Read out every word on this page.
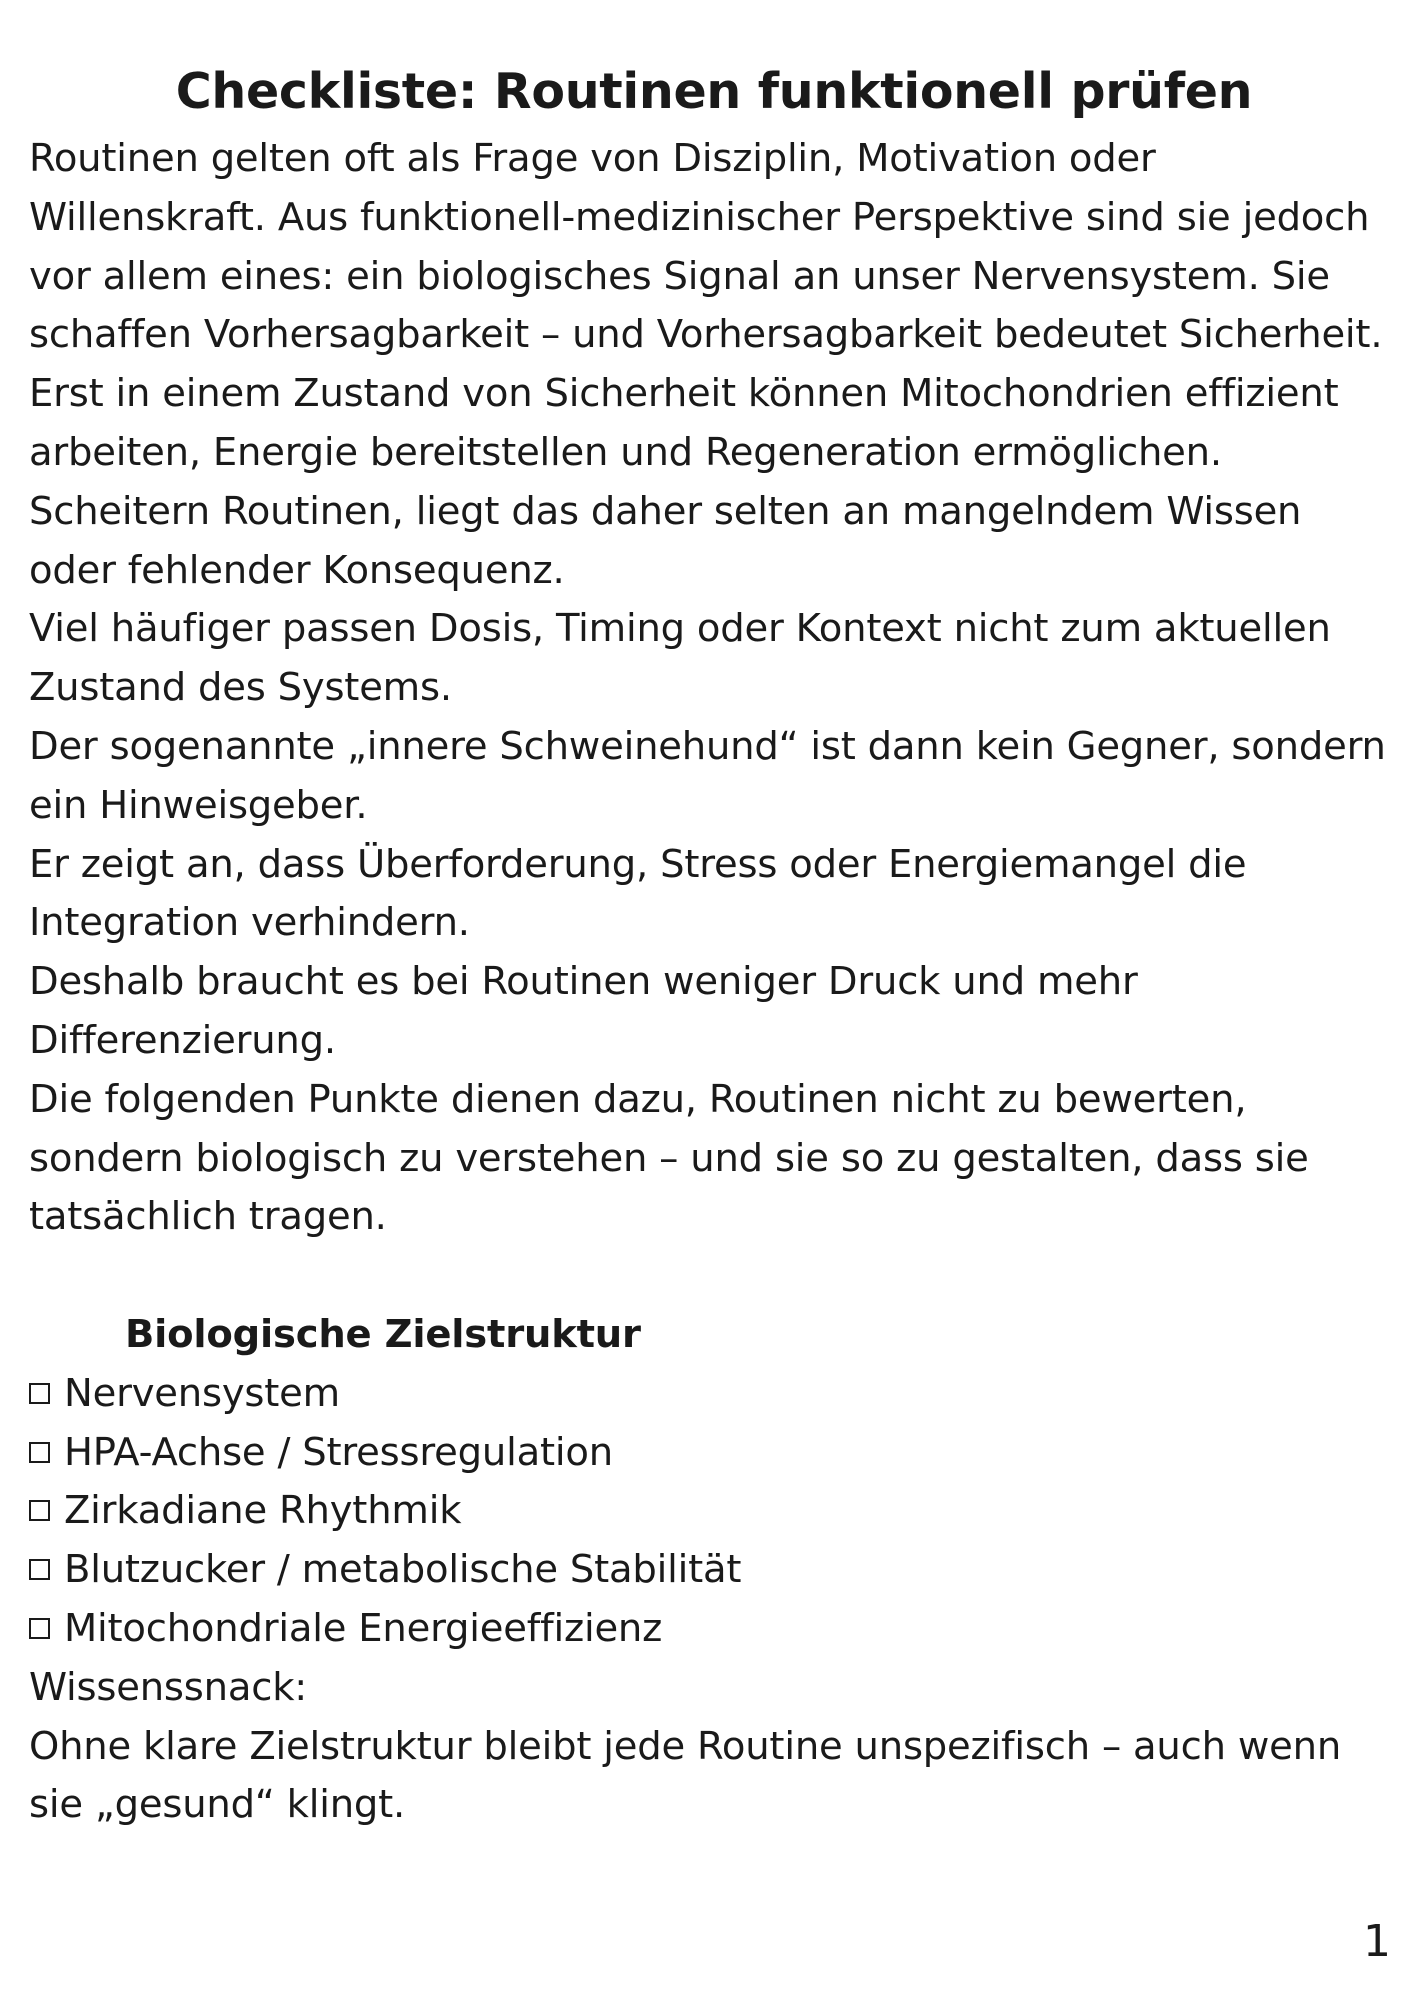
Checkliste: Routinen funktionell prüfen

Routinen gelten oft als Frage von Disziplin, Motivation oder Willenskraft. Aus funktionell-medizinischer Perspektive sind sie jedoch vor allem eines: ein biologisches Signal an unser Nervensystem. Sie schaffen Vorhersagbarkeit – und Vorhersagbarkeit bedeutet Sicherheit.

Erst in einem Zustand von Sicherheit können Mitochondrien effizient arbeiten, Energie bereitstellen und Regeneration ermöglichen.

Scheitern Routinen, liegt das daher selten an mangelndem Wissen oder fehlender Konsequenz.

Viel häufiger passen Dosis, Timing oder Kontext nicht zum aktuellen Zustand des Systems.

Der sogenannte „innere Schweinehund“ ist dann kein Gegner, sondern ein Hinweisgeber.

Er zeigt an, dass Überforderung, Stress oder Energiemangel die Integration verhindern.

Deshalb braucht es bei Routinen weniger Druck und mehr Differenzierung.

Die folgenden Punkte dienen dazu, Routinen nicht zu bewerten, sondern biologisch zu verstehen – und sie so zu gestalten, dass sie tatsächlich tragen.

Biologische Zielstruktur

Nervensystem
HPA-Achse / Stressregulation
Zirkadiane Rhythmik
Blutzucker / metabolische Stabilität
Mitochondriale Energieeffizienz

Wissenssnack:

Ohne klare Zielstruktur bleibt jede Routine unspezifisch – auch wenn sie „gesund“ klingt.

1
